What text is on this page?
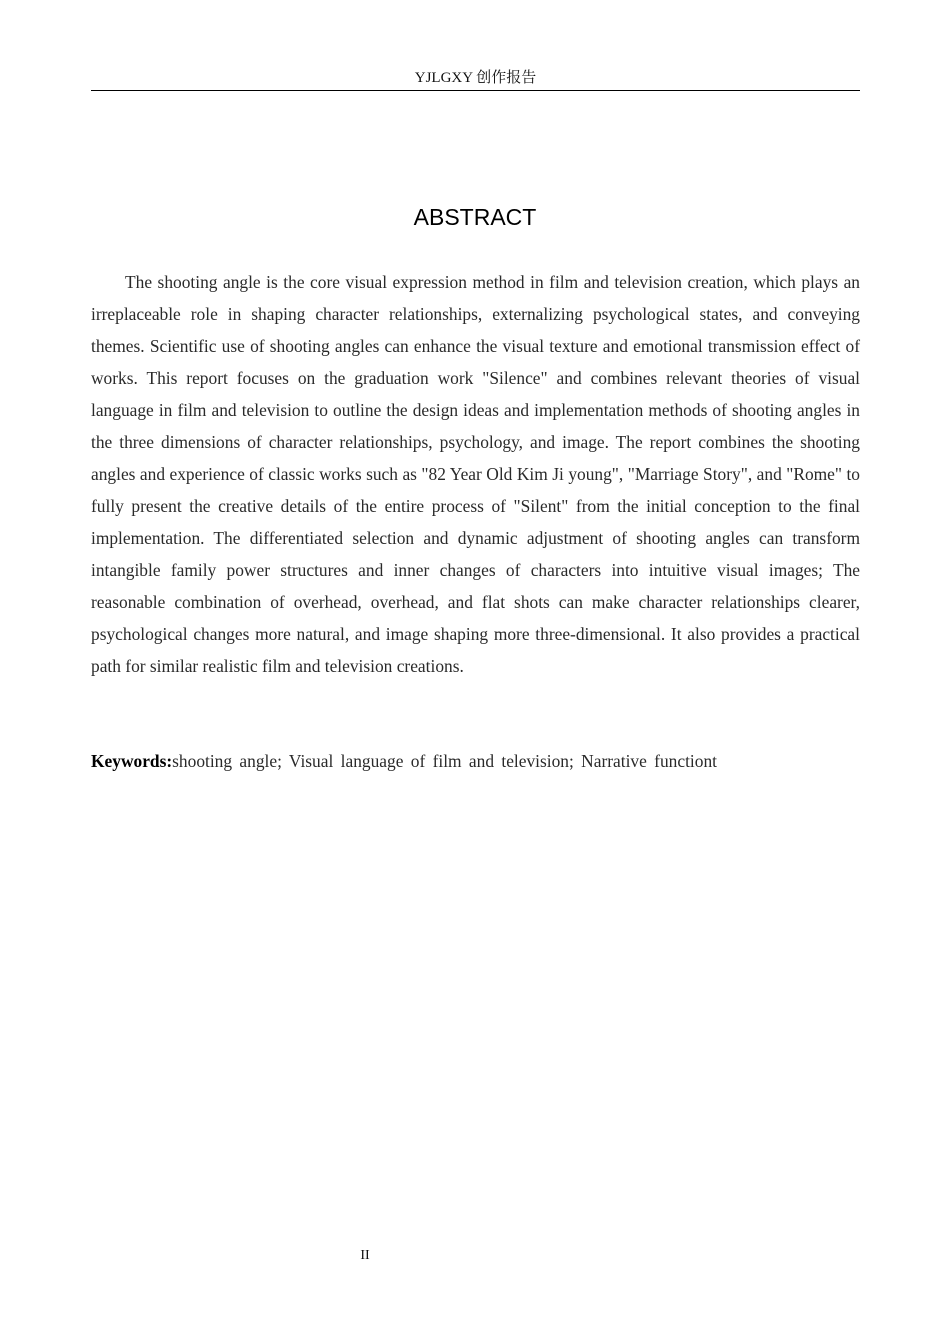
YJLGXY 创作报告
ABSTRACT

The shooting angle is the core visual expression method in film and television creation, which plays an irreplaceable role in shaping character relationships, externalizing psychological states, and conveying themes. Scientific use of shooting angles can enhance the visual texture and emotional transmission effect of works. This report focuses on the graduation work "Silence" and combines relevant theories of visual language in film and television to outline the design ideas and implementation methods of shooting angles in the three dimensions of character relationships, psychology, and image. The report combines the shooting angles and experience of classic works such as "82 Year Old Kim Ji young", "Marriage Story", and "Rome" to fully present the creative details of the entire process of "Silent" from the initial conception to the final implementation. The differentiated selection and dynamic adjustment of shooting angles can transform intangible family power structures and inner changes of characters into intuitive visual images; The reasonable combination of overhead, overhead, and flat shots can make character relationships clearer, psychological changes more natural, and image shaping more three-dimensional. It also provides a practical path for similar realistic film and television creations.

Keywords:shooting angle; Visual language of film and television; Narrative functiont

II
